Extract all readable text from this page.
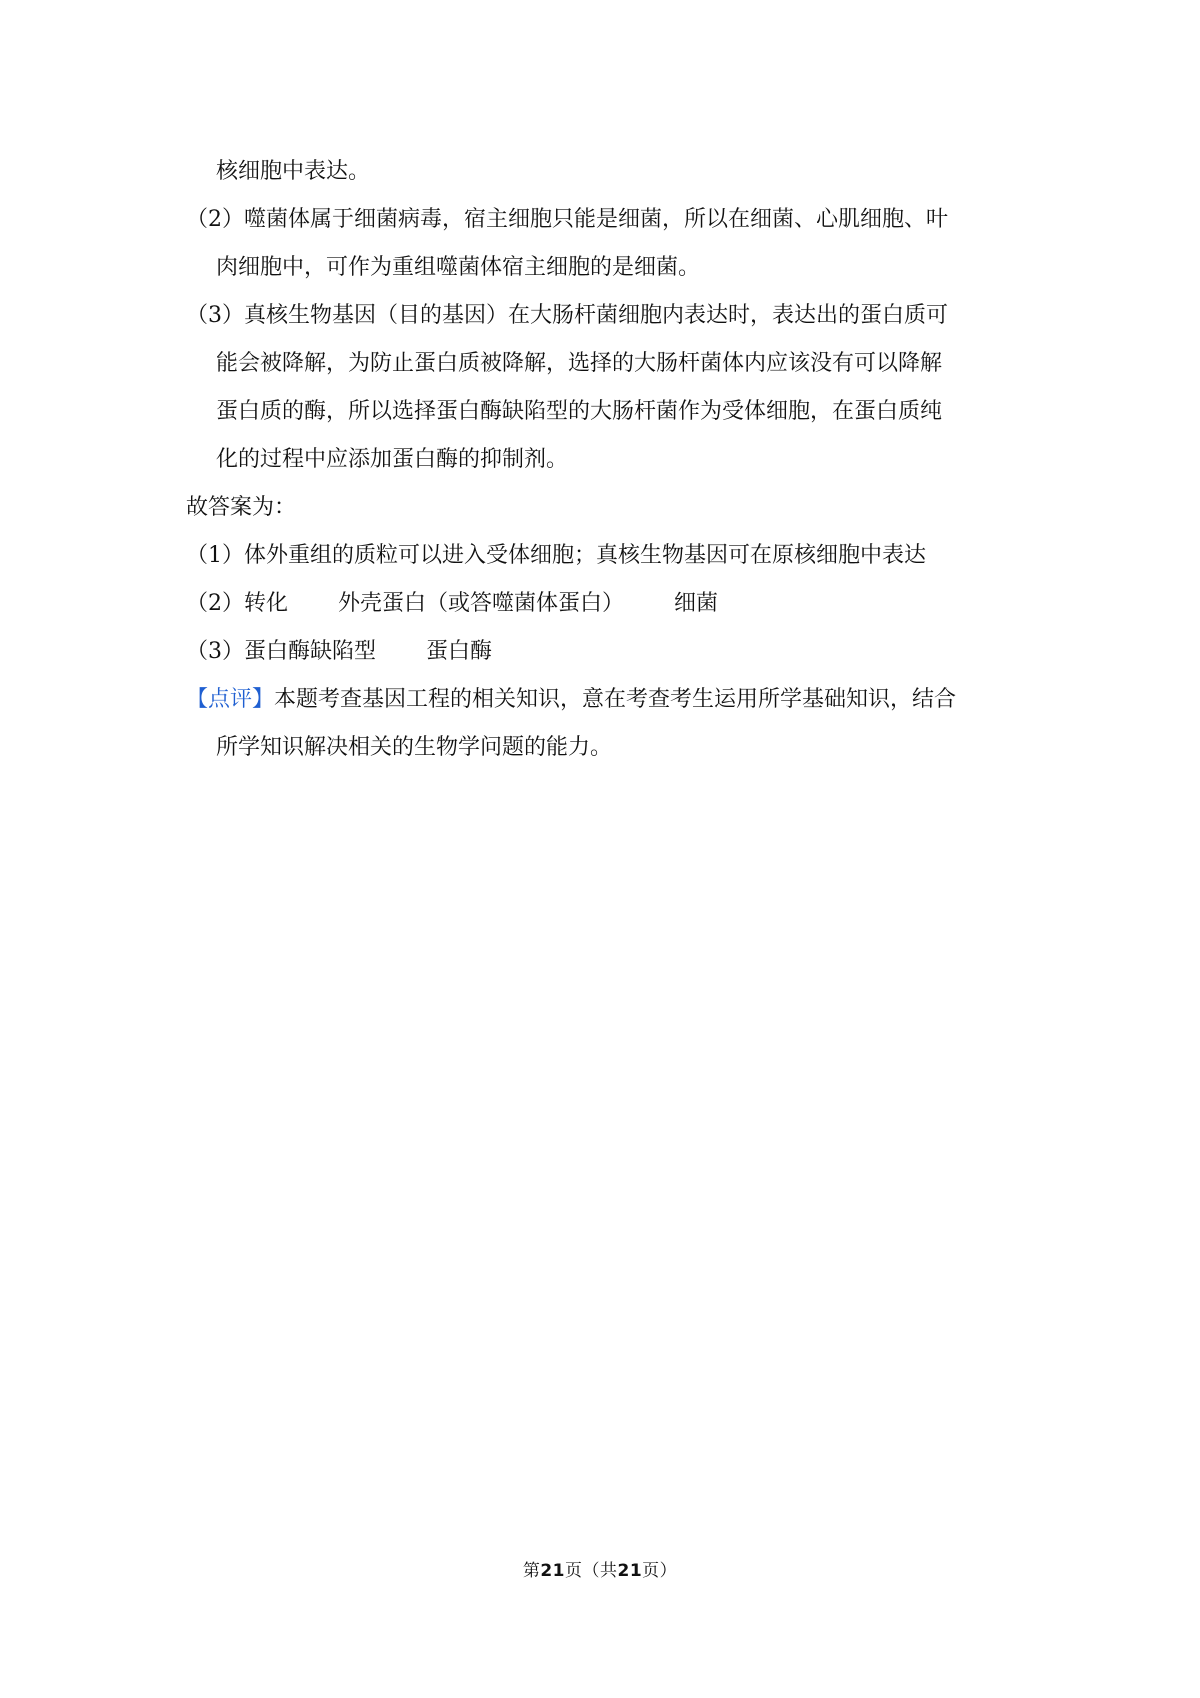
核细胞中表达。

（2）噬菌体属于细菌病毒，宿主细胞只能是细菌，所以在细菌、心肌细胞、叶

肉细胞中，可作为重组噬菌体宿主细胞的是细菌。

（3）真核生物基因（目的基因）在大肠杆菌细胞内表达时，表达出的蛋白质可

能会被降解，为防止蛋白质被降解，选择的大肠杆菌体内应该没有可以降解

蛋白质的酶，所以选择蛋白酶缺陷型的大肠杆菌作为受体细胞，在蛋白质纯

化的过程中应添加蛋白酶的抑制剂。

故答案为：

（1）体外重组的质粒可以进入受体细胞；真核生物基因可在原核细胞中表达

（2）转化 外壳蛋白（或答噬菌体蛋白） 细菌

（3）蛋白酶缺陷型 蛋白酶

【点评】本题考查基因工程的相关知识，意在考查考生运用所学基础知识，结合

所学知识解决相关的生物学问题的能力。

第21页（共21页）
